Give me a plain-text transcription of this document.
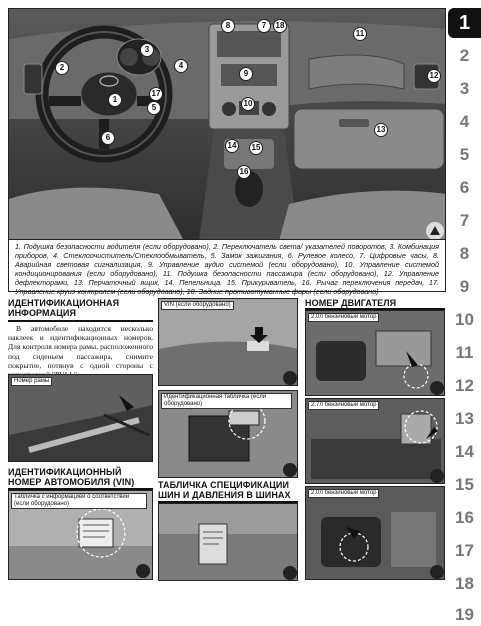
1
2
3
4
5
6
7
8
9
10
11
12
13
14
15
16
17
18
19
1
2
3
4
5
6
7
8
9
10
11
12
13
14	15
16
17
18
1. Подушка безопасности водителя (если оборудовано), 2. Переключатель света/ указателей поворотов, 3. Комбинация приборов, 4. Стеклоочиститель/Стеклообмыватель, 5. Замок зажигания, 6. Рулевое колесо, 7. Цифровые часы, 8. Аварийная световая сигнализация, 9. Управление аудио системой (если оборудовано), 10. Управление системой кондиционирования (если оборудовано), 11. Подушка безопасности пассажира (если оборудовано), 12. Управление дефлекторами, 13. Перчаточный ящик, 14. Пепельница, 15. Прикуриватель, 16. Рычаг переключения передач, 17. Управление круиз-контролем (если оборудовано), 18. Задние противотуманные фары (если оборудовано)
ИДЕНТИФИКАЦИОННАЯ ИНФОРМАЦИЯ
В автомобиле находится несколько наклеек и идентификационных номеров. Для контроля номера рамы, расположенного под сиденьем пассажира, снимите покрытие, потянув с одной стороны с
Номер рамы
ИДЕНТИФИКАЦИОННЫЙ НОМЕР АВТОМОБИЛЯ (VIN)
Табличка с информацией о соответствии (если оборудовано)
VIN (если оборудовано)
Идентификационная табличка (если оборудовано)
ТАБЛИЧКА СПЕЦИФИКАЦИИ ШИН И ДАВЛЕНИЯ В ШИНАХ
НОМЕР ДВИГАТЕЛЯ
2.0л бензиновый мотор
2.7л бензиновый мотор
2.0л бензиновый мотор
